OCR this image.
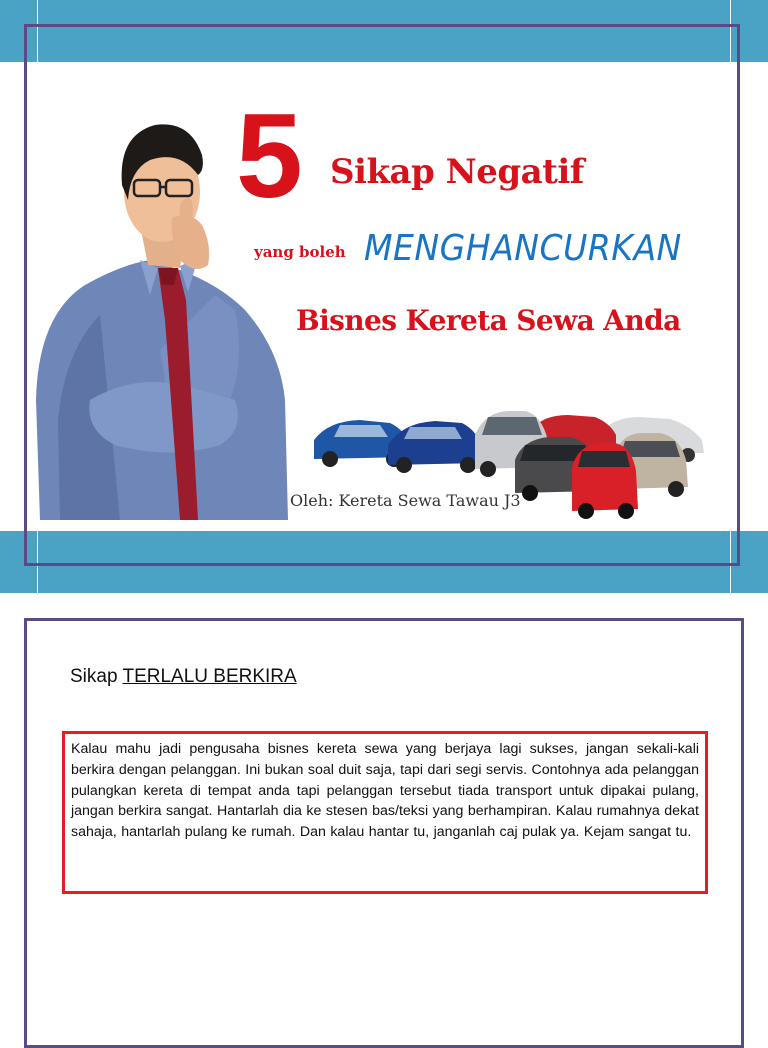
5 Sikap Negatif
yang boleh MENGHANCURKAN
Bisnes Kereta Sewa Anda
Oleh: Kereta Sewa Tawau J3
Sikap TERLALU BERKIRA

Kalau mahu jadi pengusaha bisnes kereta sewa yang berjaya lagi sukses, jangan sekali-kali berkira dengan pelanggan. Ini bukan soal duit saja, tapi dari segi servis. Contohnya ada pelanggan pulangkan kereta di tempat anda tapi pelanggan tersebut tiada transport untuk dipakai pulang, jangan berkira sangat. Hantarlah dia ke stesen bas/teksi yang berhampiran. Kalau rumahnya dekat sahaja, hantarlah pulang ke rumah. Dan kalau hantar tu, janganlah caj pulak ya. Kejam sangat tu.
